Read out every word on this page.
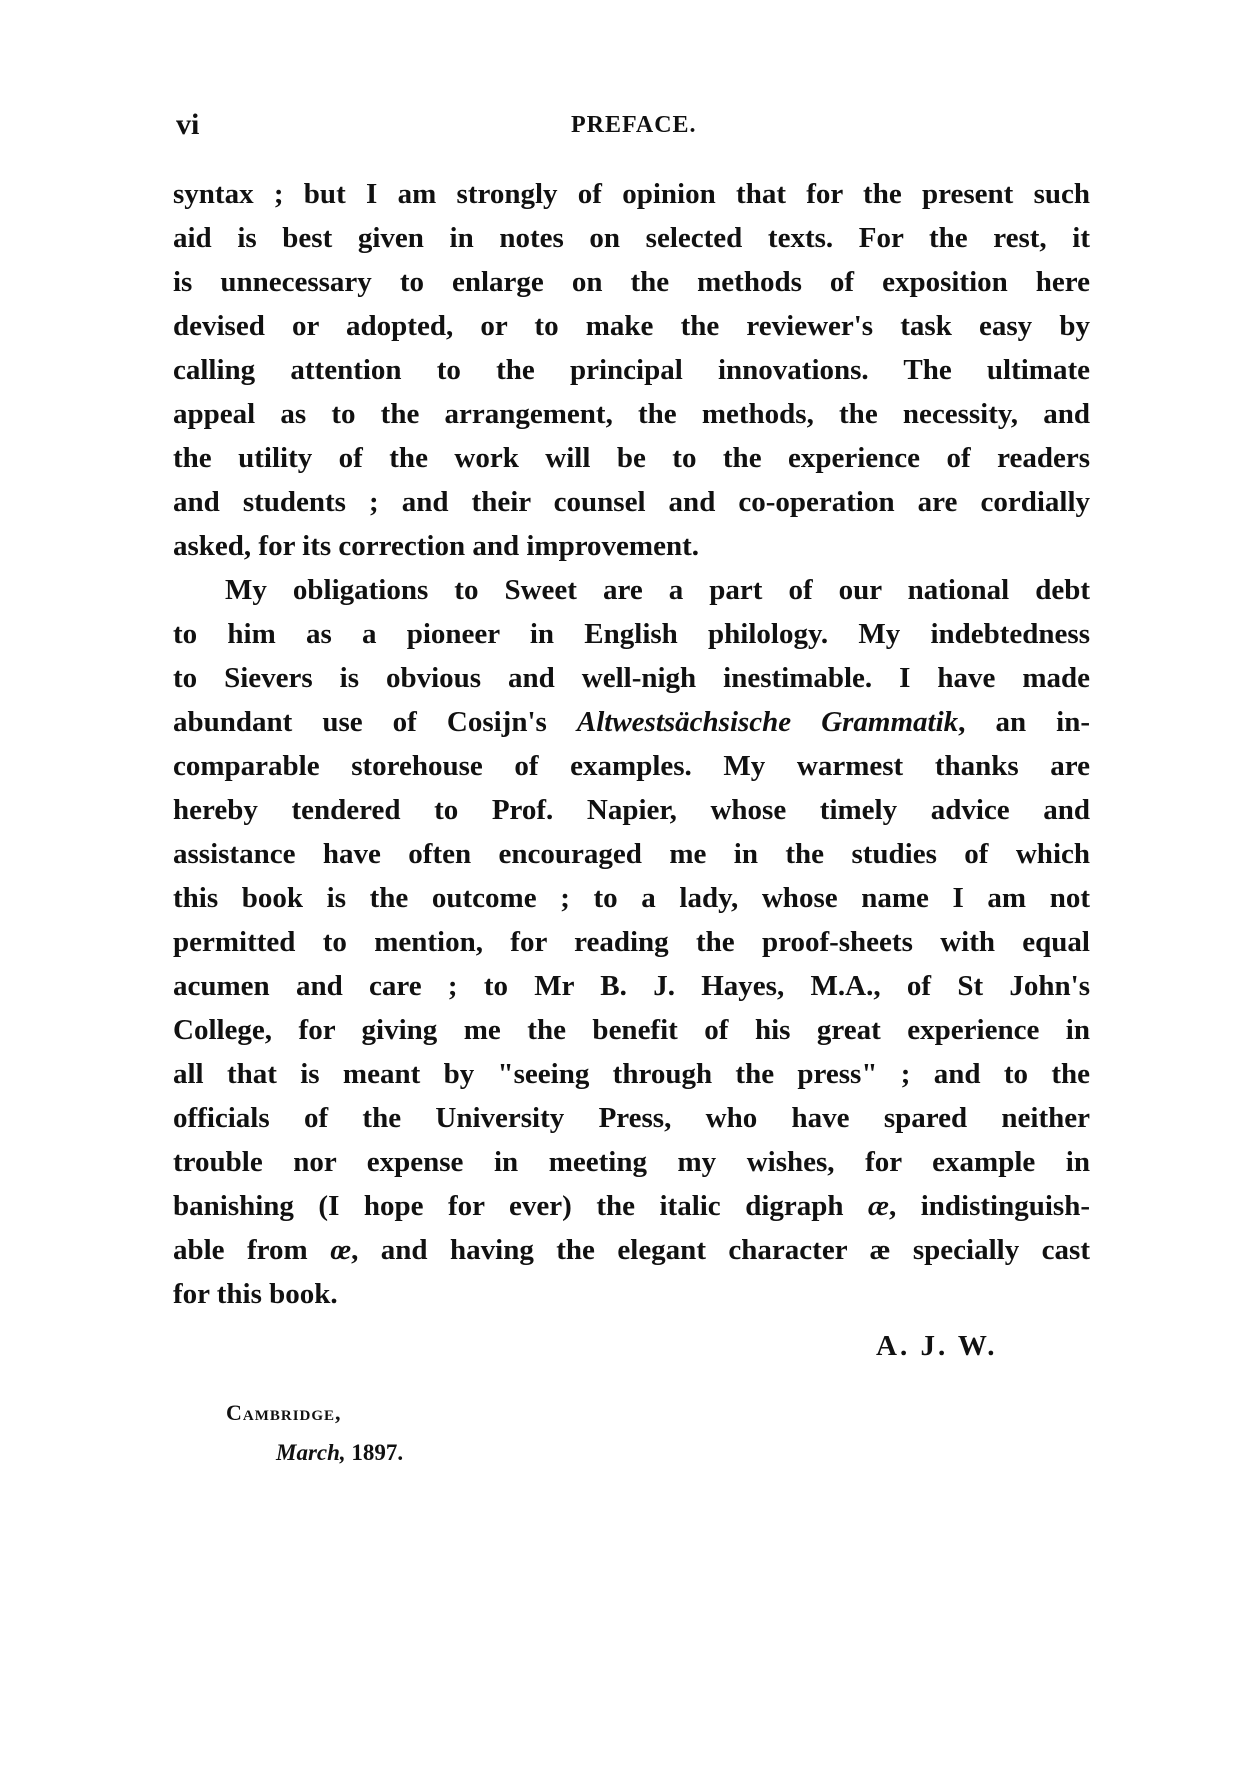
vi	PREFACE.
syntax ; but I am strongly of opinion that for the present such
aid is best given in notes on selected texts. For the rest, it
is unnecessary to enlarge on the methods of exposition here
devised or adopted, or to make the reviewer's task easy by
calling attention to the principal innovations. The ultimate
appeal as to the arrangement, the methods, the necessity, and
the utility of the work will be to the experience of readers
and students ; and their counsel and co-operation are cordially
asked, for its correction and improvement.
My obligations to Sweet are a part of our national debt
to him as a pioneer in English philology. My indebtedness
to Sievers is obvious and well-nigh inestimable. I have made
abundant use of Cosijn's Altwestsächsische Grammatik, an in-
comparable storehouse of examples. My warmest thanks are
hereby tendered to Prof. Napier, whose timely advice and
assistance have often encouraged me in the studies of which
this book is the outcome ; to a lady, whose name I am not
permitted to mention, for reading the proof-sheets with equal
acumen and care ; to Mr B. J. Hayes, M.A., of St John's
College, for giving me the benefit of his great experience in
all that is meant by "seeing through the press" ; and to the
officials of the University Press, who have spared neither
trouble nor expense in meeting my wishes, for example in
banishing (I hope for ever) the italic digraph æ, indistinguish-
able from œ, and having the elegant character æ specially cast
for this book.
A. J. W.
Cambridge,
March, 1897.
